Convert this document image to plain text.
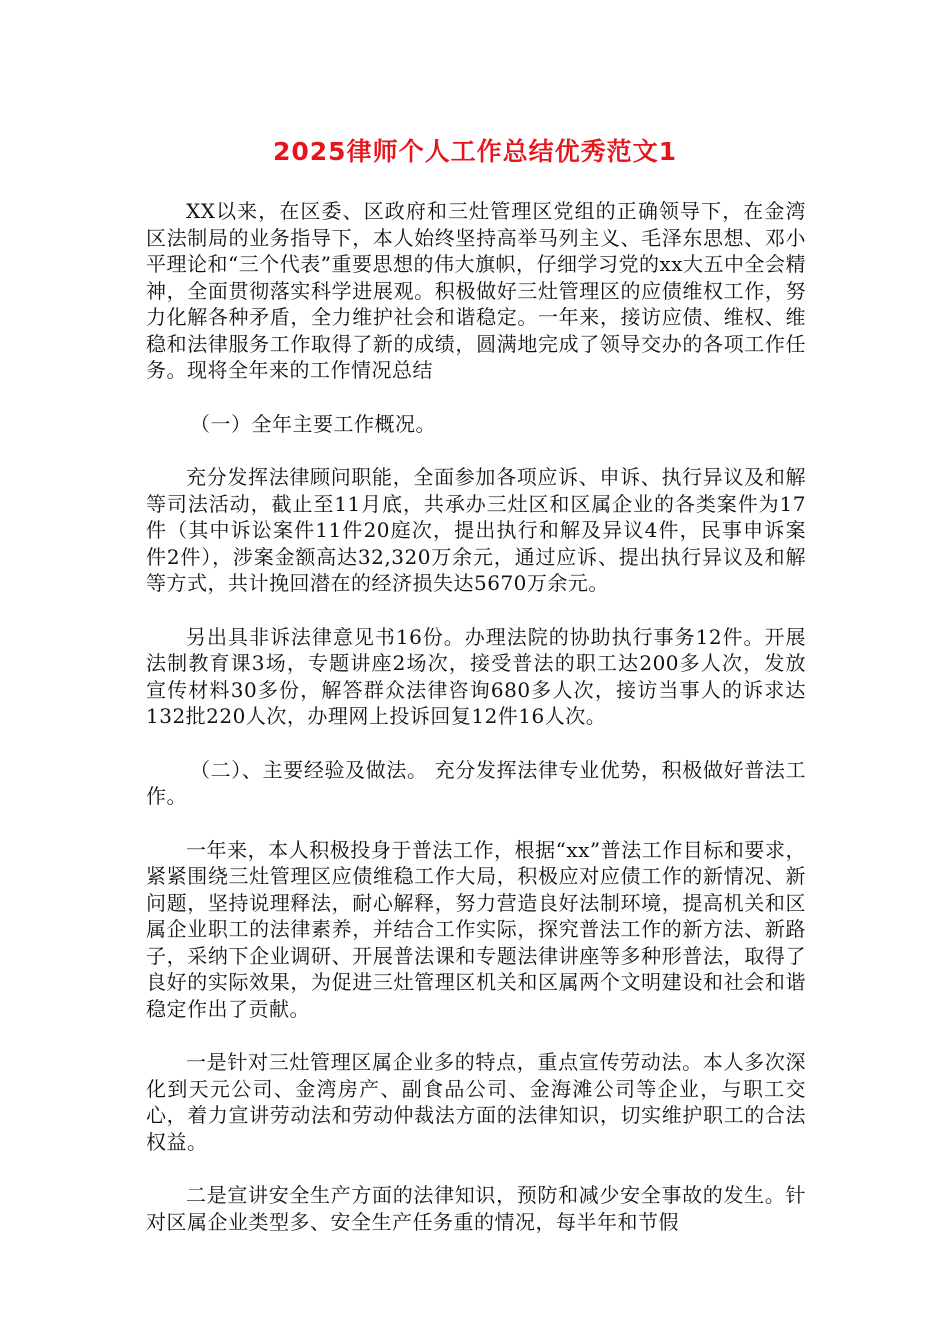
2025律师个人工作总结优秀范文1

XX以来，在区委、区政府和三灶管理区党组的正确领导下，在金湾区法制局的业务指导下，本人始终坚持高举马列主义、毛泽东思想、邓小平理论和“三个代表”重要思想的伟大旗帜，仔细学习党的xx大五中全会精神，全面贯彻落实科学进展观。积极做好三灶管理区的应债维权工作，努力化解各种矛盾，全力维护社会和谐稳定。一年来，接访应债、维权、维稳和法律服务工作取得了新的成绩，圆满地完成了领导交办的各项工作任务。现将全年来的工作情况总结

（一）全年主要工作概况。

充分发挥法律顾问职能，全面参加各项应诉、申诉、执行异议及和解等司法活动，截止至11月底，共承办三灶区和区属企业的各类案件为17件（其中诉讼案件11件20庭次，提出执行和解及异议4件，民事申诉案件2件），涉案金额高达32,320万余元，通过应诉、提出执行异议及和解等方式，共计挽回潜在的经济损失达5670万余元。

另出具非诉法律意见书16份。办理法院的协助执行事务12件。开展法制教育课3场，专题讲座2场次，接受普法的职工达200多人次，发放宣传材料30多份，解答群众法律咨询680多人次，接访当事人的诉求达132批220人次，办理网上投诉回复12件16人次。

（二）、主要经验及做法。 充分发挥法律专业优势，积极做好普法工作。

一年来，本人积极投身于普法工作，根据“xx”普法工作目标和要求，紧紧围绕三灶管理区应债维稳工作大局，积极应对应债工作的新情况、新问题，坚持说理释法，耐心解释，努力营造良好法制环境，提高机关和区属企业职工的法律素养，并结合工作实际，探究普法工作的新方法、新路子，采纳下企业调研、开展普法课和专题法律讲座等多种形普法，取得了良好的实际效果，为促进三灶管理区机关和区属两个文明建设和社会和谐稳定作出了贡献。

一是针对三灶管理区属企业多的特点，重点宣传劳动法。本人多次深化到天元公司、金湾房产、副食品公司、金海滩公司等企业，与职工交心，着力宣讲劳动法和劳动仲裁法方面的法律知识，切实维护职工的合法权益。

二是宣讲安全生产方面的法律知识，预防和减少安全事故的发生。针对区属企业类型多、安全生产任务重的情况，每半年和节假
